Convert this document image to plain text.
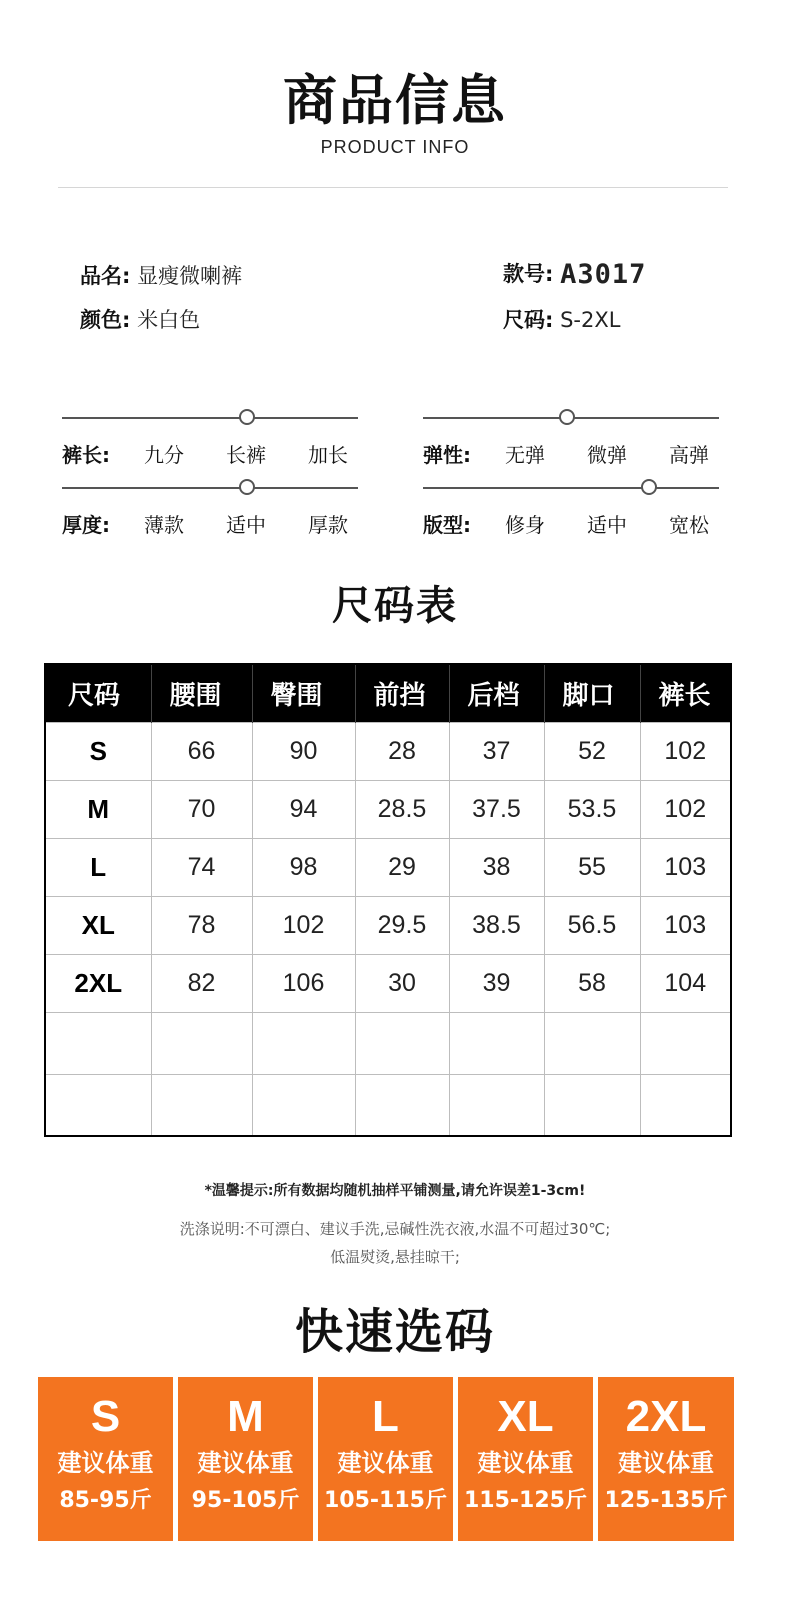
商品信息
PRODUCT INFO
品名: 显瘦微喇裤
颜色: 米白色
款号: A3017
尺码: S-2XL
裤长: 九分 长裤 加长	弹性: 无弹 微弹 高弹
厚度: 薄款 适中 厚款	版型: 修身 适中 宽松
尺码表
尺码	腰围	臀围	前挡	后档	脚口	裤长
S	66	90	28	37	52	102
M	70	94	28.5	37.5	53.5	102
L	74	98	29	38	55	103
XL	78	102	29.5	38.5	56.5	103
2XL	82	106	30	39	58	104

*温馨提示:所有数据均随机抽样平铺测量,请允许误差1-3cm!
洗涤说明:不可漂白、建议手洗,忌碱性洗衣液,水温不可超过30℃;
低温熨烫,悬挂晾干;
快速选码
S
建议体重
85-95斤
M
建议体重
95-105斤
L
建议体重
105-115斤
XL
建议体重
115-125斤
2XL
建议体重
125-135斤
